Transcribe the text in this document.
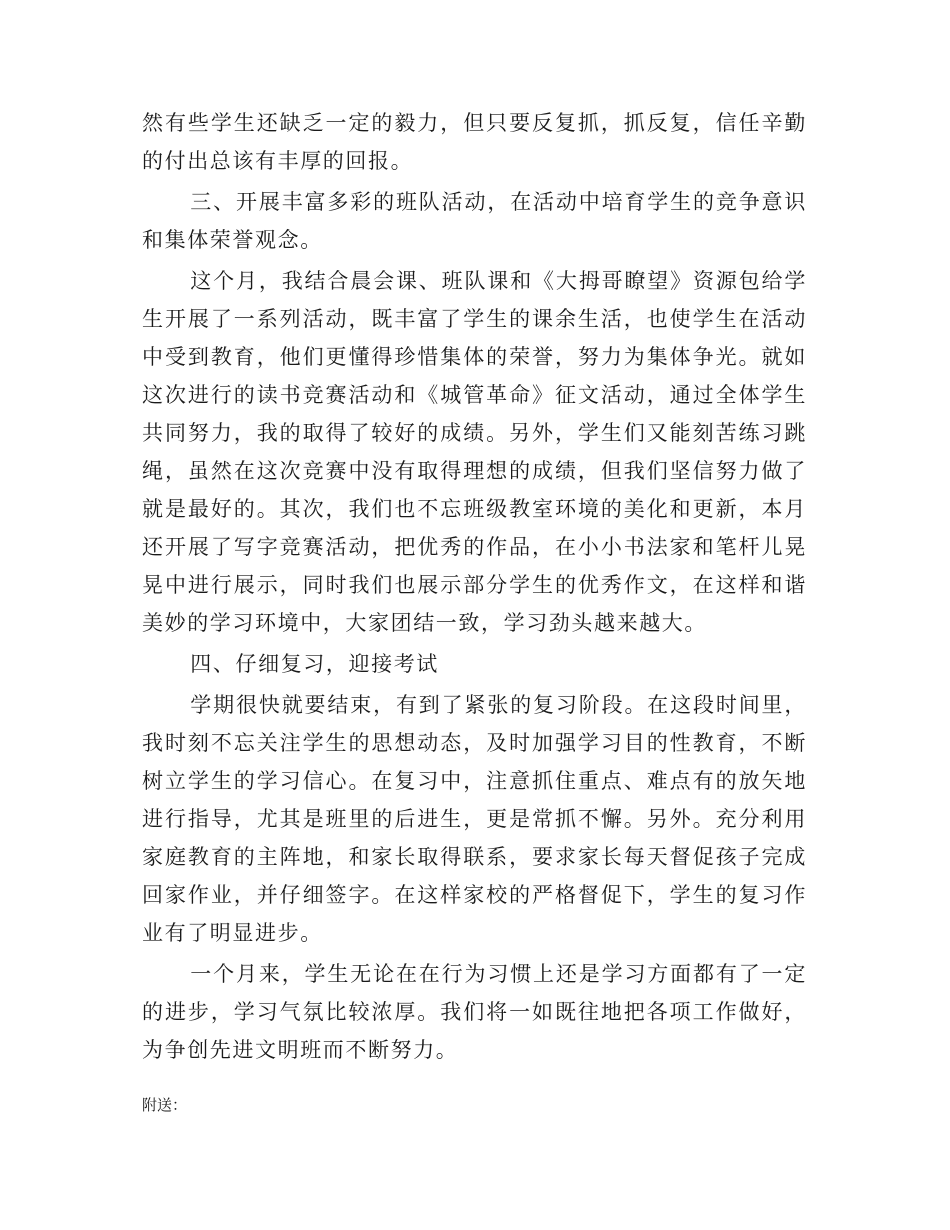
然有些学生还缺乏一定的毅力，但只要反复抓，抓反复，信任辛勤的付出总该有丰厚的回报。

三、开展丰富多彩的班队活动，在活动中培育学生的竞争意识和集体荣誉观念。

这个月，我结合晨会课、班队课和《大拇哥瞭望》资源包给学生开展了一系列活动，既丰富了学生的课余生活，也使学生在活动中受到教育，他们更懂得珍惜集体的荣誉，努力为集体争光。就如这次进行的读书竞赛活动和《城管革命》征文活动，通过全体学生共同努力，我的取得了较好的成绩。另外，学生们又能刻苦练习跳绳，虽然在这次竞赛中没有取得理想的成绩，但我们坚信努力做了就是最好的。其次，我们也不忘班级教室环境的美化和更新，本月还开展了写字竞赛活动，把优秀的作品，在小小书法家和笔杆儿晃晃中进行展示，同时我们也展示部分学生的优秀作文，在这样和谐美妙的学习环境中，大家团结一致，学习劲头越来越大。

四、仔细复习，迎接考试

学期很快就要结束，有到了紧张的复习阶段。在这段时间里，我时刻不忘关注学生的思想动态，及时加强学习目的性教育，不断树立学生的学习信心。在复习中，注意抓住重点、难点有的放矢地进行指导，尤其是班里的后进生，更是常抓不懈。另外。充分利用家庭教育的主阵地，和家长取得联系，要求家长每天督促孩子完成回家作业，并仔细签字。在这样家校的严格督促下，学生的复习作业有了明显进步。

一个月来，学生无论在在行为习惯上还是学习方面都有了一定的进步，学习气氛比较浓厚。我们将一如既往地把各项工作做好，为争创先进文明班而不断努力。

附送：
